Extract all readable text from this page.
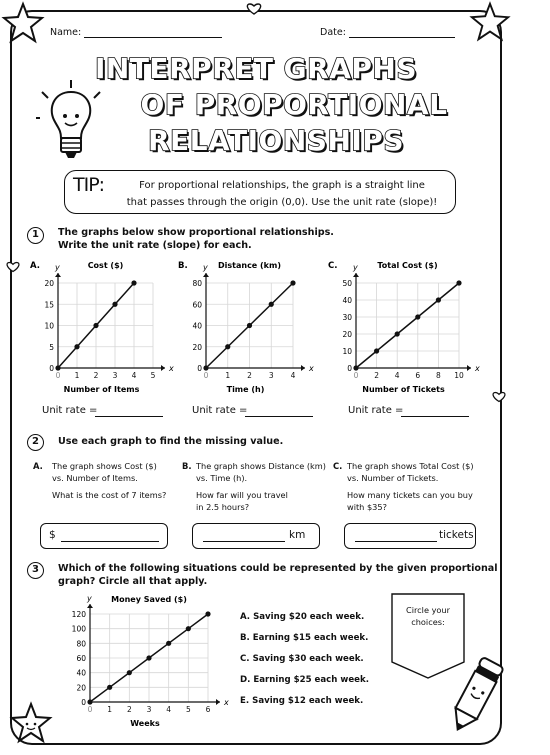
Name:	Date:
INTERPRET GRAPHS
OF PROPORTIONAL
RELATIONSHIPS
TIP:	For proportional relationships, the graph is a straight line
that passes through the origin (0,0). Use the unit rate (slope)!
1	The graphs below show proportional relationships.
Write the unit rate (slope) for each.
x
y
0 1 2 3 4 5
5
10
15
20
0
Cost ($)
A.
Number of Items
x
y
0 1 2 3 4
20
40
60
80
0
Distance (km)
B.
Time (h)
x
y
0 2 4 6 8 10
10
20
30
40
50
0
Total Cost ($)
C.
Number of Tickets
Unit rate =	Unit rate =	Unit rate =
2	Use each graph to find the missing value.
A. The graph shows Cost ($)
vs. Number of Items.
What is the cost of 7 items?
B. The graph shows Distance (km)
vs. Time (h).
How far will you travel
in 2.5 hours?
C. The graph shows Total Cost ($)
vs. Number of Tickets.
How many tickets can you buy
with $35?
$	km	tickets
3	Which of the following situations could be represented by the given proportional
graph? Circle all that apply.
x
y
0 1 2 3 4 5 6
20
40
60
80
100
120
0
Money Saved ($)
Weeks
A. Saving $20 each week.
B. Earning $15 each week.
C. Saving $30 each week.
D. Earning $25 each week.
E. Saving $12 each week.
Circle your
choices:
